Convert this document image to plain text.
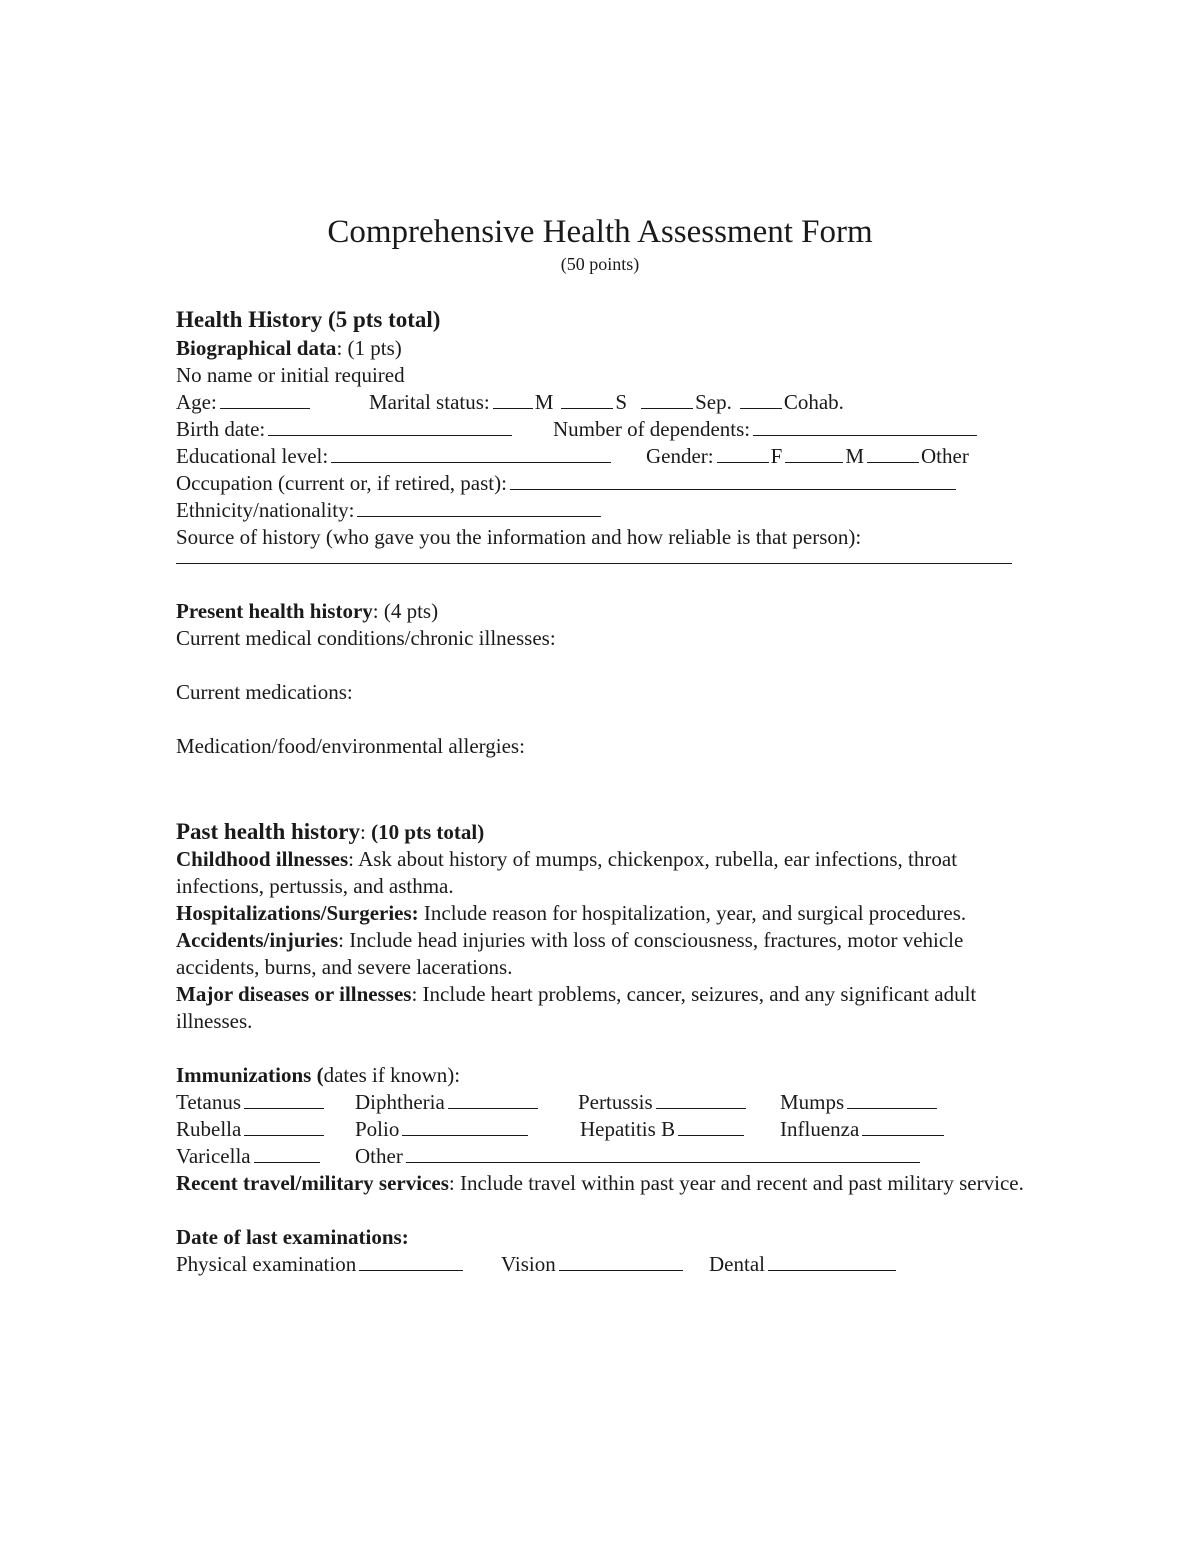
Comprehensive Health Assessment Form
(50 points)
Health History (5 pts total)
Biographical data: (1 pts)
No name or initial required
Age:	Marital status: M	S	Sep. Cohab.
Birth date:	Number of dependents:
Educational level:	Gender:	F	M	Other
Occupation (current or, if retired, past):
Ethnicity/nationality:
Source of history (who gave you the information and how reliable is that person):
Present health history: (4 pts)
Current medical conditions/chronic illnesses:
Current medications:
Medication/food/environmental allergies:
Past health history: (10 pts total)
Childhood illnesses: Ask about history of mumps, chickenpox, rubella, ear infections, throat infections, pertussis, and asthma.
Hospitalizations/Surgeries: Include reason for hospitalization, year, and surgical procedures.
Accidents/injuries: Include head injuries with loss of consciousness, fractures, motor vehicle accidents, burns, and severe lacerations.
Major diseases or illnesses: Include heart problems, cancer, seizures, and any significant adult illnesses.
Immunizations (dates if known):
Tetanus	Diphtheria	Pertussis	Mumps
Rubella	Polio	Hepatitis B	Influenza
Varicella	Other
Recent travel/military services: Include travel within past year and recent and past military service.
Date of last examinations:
Physical examination	Vision	Dental
